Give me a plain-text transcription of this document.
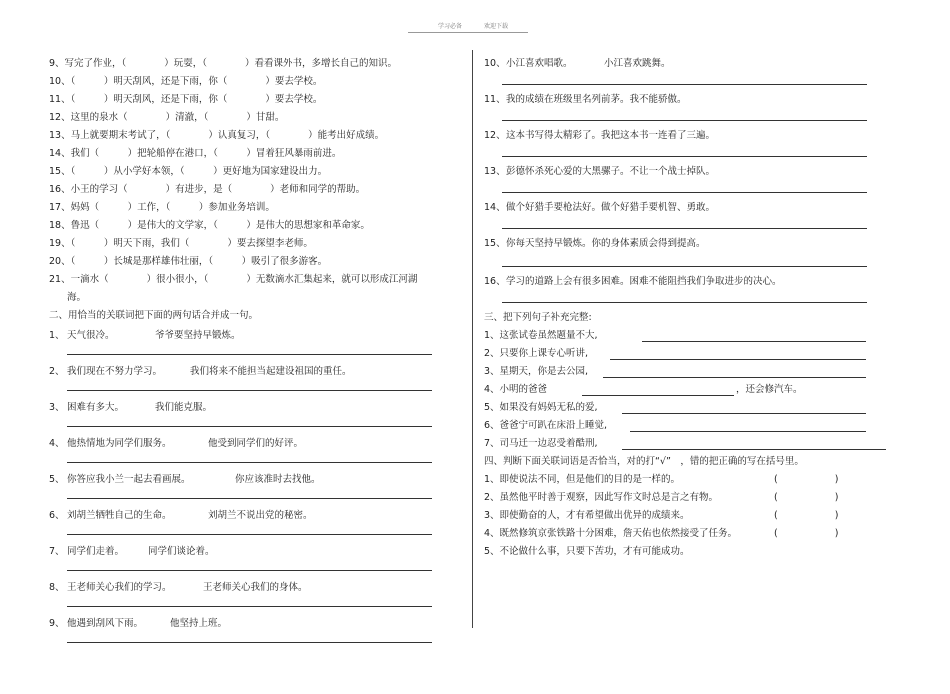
学习必备	欢迎下载
9、写完了作业，（　　　　）玩耍，（　　　　）看看课外书，多增长自己的知识。
10、（　　　）明天刮风，还是下雨，你（　　　　）要去学校。
11、（　　　）明天刮风，还是下雨，你（　　　　）要去学校。
12、这里的泉水（　　　　）清澈，（　　　　）甘甜。
13、马上就要期末考试了，（　　　　）认真复习，（　　　　）能考出好成绩。
14、我们（　　　）把轮船停在港口，（　　　）冒着狂风暴雨前进。
15、（　　　）从小学好本领，（　　　）更好地为国家建设出力。
16、小王的学习（　　　　）有进步，是（　　　　）老师和同学的帮助。
17、妈妈（　　　）工作，（　　　）参加业务培训。
18、鲁迅（　　　）是伟大的文学家，（　　　）是伟大的思想家和革命家。
19、（　　　）明天下雨，我们（　　　　）要去探望李老师。
20、（　　　）长城是那样雄伟壮丽，（　　　）吸引了很多游客。
21、一滴水（　　　　）很小很小，（　　　　）无数滴水汇集起来，就可以形成江河湖
海。
二、用恰当的关联词把下面的两句话合并成一句。
1、 天气很冷。	爷爷要坚持早锻炼。
2、 我们现在不努力学习。	我们将来不能担当起建设祖国的重任。
3、 困难有多大。	我们能克服。
4、 他热情地为同学们服务。	他受到同学们的好评。
5、 你答应我小兰一起去看画展。	你应该准时去找他。
6、 刘胡兰牺牲自己的生命。	刘胡兰不说出党的秘密。
7、 同学们走着。	同学们谈论着。
8、 王老师关心我们的学习。	王老师关心我们的身体。
9、 他遇到刮风下雨。	他坚持上班。
10、 小江喜欢唱歌。	小江喜欢跳舞。
11、 我的成绩在班级里名列前茅。我不能骄傲。
12、 这本书写得太精彩了。我把这本书一连看了三遍。
13、 彭德怀杀死心爱的大黑骡子。不让一个战士掉队。
14、 做个好猎手要枪法好。做个好猎手要机智、勇敢。
15、 你每天坚持早锻炼。你的身体素质会得到提高。
16、 学习的道路上会有很多困难。困难不能阻挡我们争取进步的决心。
三、把下列句子补充完整:
1、这张试卷虽然题量不大,
2、只要你上课专心听讲,
3、星期天，你是去公园,
4、小明的爸爸	，还会修汽车。
5、如果没有妈妈无私的爱,
6、爸爸宁可趴在床沿上睡觉,
7、司马迁一边忍受着酷刑,
四、判断下面关联词语是否恰当，对的打“√”　，错的把正确的写在括号里。
1、即使说法不同，但是他们的目的是一样的。	(　　　　　　)
2、虽然他平时善于观察，因此写作文时总是言之有物。	(　　　　　　)
3、即使勤奋的人，才有希望做出优异的成绩来。	(　　　　　　)
4、既然修筑京张铁路十分困难，詹天佑也依然接受了任务。	(　　　　　　)
5、不论做什么事，只要下苦功，才有可能成功。
